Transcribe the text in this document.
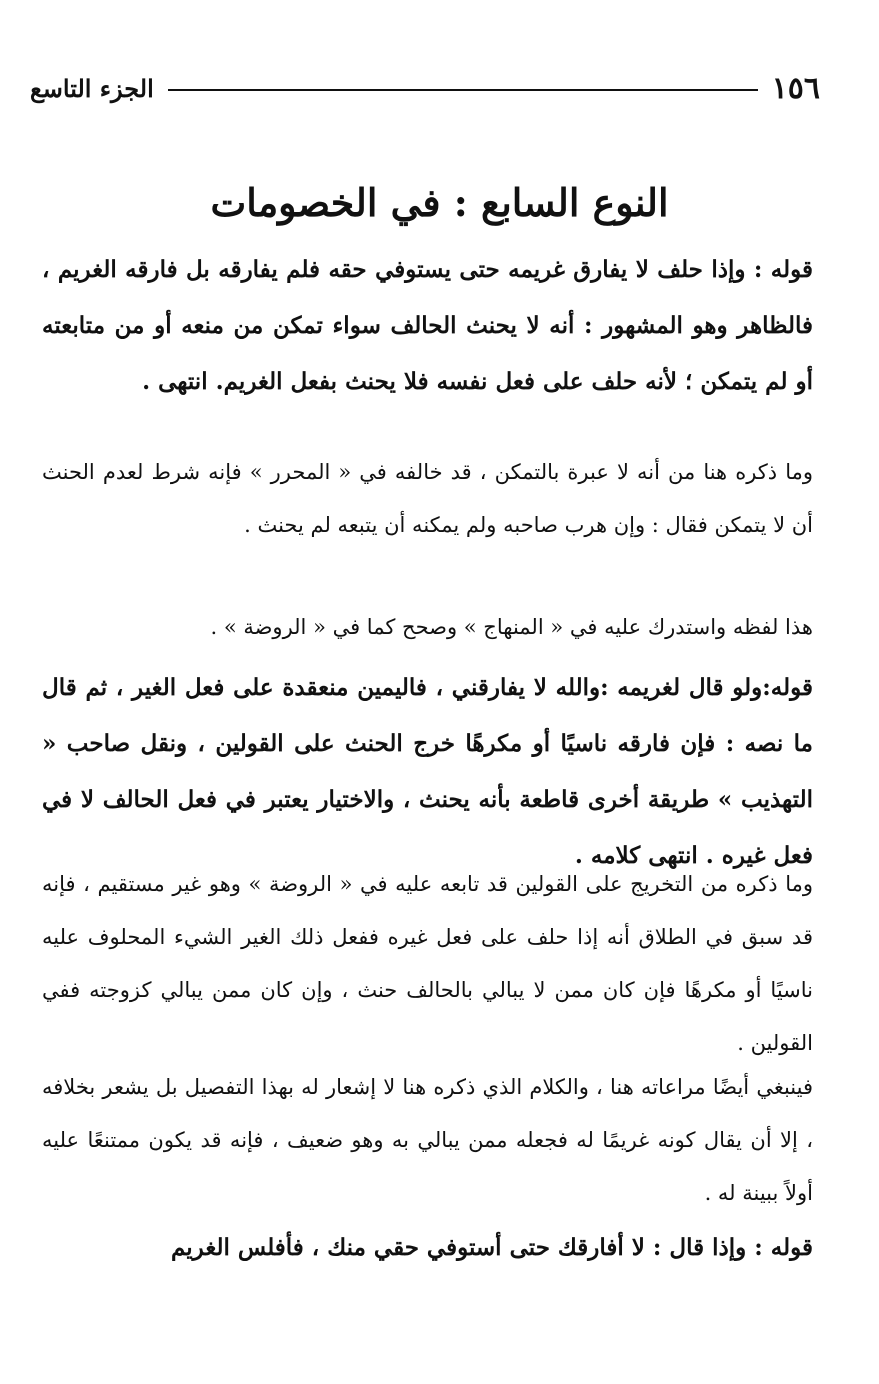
١٥٦
الجزء التاسع
النوع السابع : في الخصومات

قوله : وإذا حلف لا يفارق غريمه حتى يستوفي حقه فلم يفارقه بل فارقه الغريم ، فالظاهر وهو المشهور : أنه لا يحنث الحالف سواء تمكن من منعه أو من متابعته أو لم يتمكن ؛ لأنه حلف على فعل نفسه فلا يحنث بفعل الغريم. انتهى .

وما ذكره هنا من أنه لا عبرة بالتمكن ، قد خالفه في « المحرر » فإنه شرط لعدم الحنث أن لا يتمكن فقال : وإن هرب صاحبه ولم يمكنه أن يتبعه لم يحنث .

هذا لفظه واستدرك عليه في « المنهاج » وصحح كما في « الروضة » .

قوله:ولو قال لغريمه :والله لا يفارقني ، فاليمين منعقدة على فعل الغير ، ثم قال ما نصه : فإن فارقه ناسيًا أو مكرهًا خرج الحنث على القولين ، ونقل صاحب « التهذيب » طريقة أخرى قاطعة بأنه يحنث ، والاختيار يعتبر في فعل الحالف لا في فعل غيره . انتهى كلامه .

وما ذكره من التخريج على القولين قد تابعه عليه في « الروضة » وهو غير مستقيم ، فإنه قد سبق في الطلاق أنه إذا حلف على فعل غيره ففعل ذلك الغير الشيء المحلوف عليه ناسيًا أو مكرهًا فإن كان ممن لا يبالي بالحالف حنث ، وإن كان ممن يبالي كزوجته ففي القولين .

فينبغي أيضًا مراعاته هنا ، والكلام الذي ذكره هنا لا إشعار له بهذا التفصيل بل يشعر بخلافه ، إلا أن يقال كونه غريمًا له فجعله ممن يبالي به وهو ضعيف ، فإنه قد يكون ممتنعًا عليه أولاً ببينة له .

قوله : وإذا قال : لا أفارقك حتى أستوفي حقي منك ، فأفلس الغريم
